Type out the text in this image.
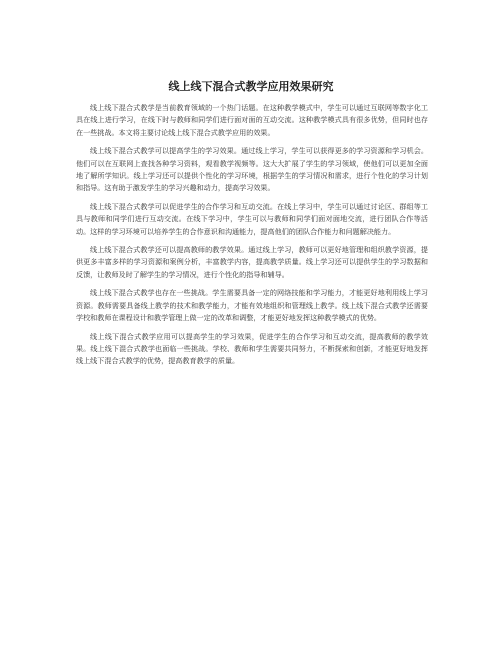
线上线下混合式教学应用效果研究

线上线下混合式教学是当前教育领域的一个热门话题。在这种教学模式中，学生可以通过互联网等数字化工具在线上进行学习，在线下时与教师和同学们进行面对面的互动交流。这种教学模式具有很多优势，但同时也存在一些挑战。本文将主要讨论线上线下混合式教学应用的效果。

线上线下混合式教学可以提高学生的学习效果。通过线上学习，学生可以获得更多的学习资源和学习机会。他们可以在互联网上查找各种学习资料，观看教学视频等。这大大扩展了学生的学习领域，使他们可以更加全面地了解所学知识。线上学习还可以提供个性化的学习环境，根据学生的学习情况和需求，进行个性化的学习计划和指导。这有助于激发学生的学习兴趣和动力，提高学习效果。

线上线下混合式教学可以促进学生的合作学习和互动交流。在线上学习中，学生可以通过讨论区、群组等工具与教师和同学们进行互动交流。在线下学习中，学生可以与教师和同学们面对面地交流，进行团队合作等活动。这样的学习环境可以培养学生的合作意识和沟通能力，提高他们的团队合作能力和问题解决能力。

线上线下混合式教学还可以提高教师的教学效果。通过线上学习，教师可以更好地管理和组织教学资源，提供更多丰富多样的学习资源和案例分析，丰富教学内容，提高教学质量。线上学习还可以提供学生的学习数据和反馈，让教师及时了解学生的学习情况，进行个性化的指导和辅导。

线上线下混合式教学也存在一些挑战。学生需要具备一定的网络技能和学习能力，才能更好地利用线上学习资源。教师需要具备线上教学的技术和教学能力，才能有效地组织和管理线上教学。线上线下混合式教学还需要学校和教师在课程设计和教学管理上做一定的改革和调整，才能更好地发挥这种教学模式的优势。

线上线下混合式教学应用可以提高学生的学习效果，促进学生的合作学习和互动交流，提高教师的教学效果。线上线下混合式教学也面临一些挑战。学校、教师和学生需要共同努力，不断探索和创新，才能更好地发挥线上线下混合式教学的优势，提高教育教学的质量。
